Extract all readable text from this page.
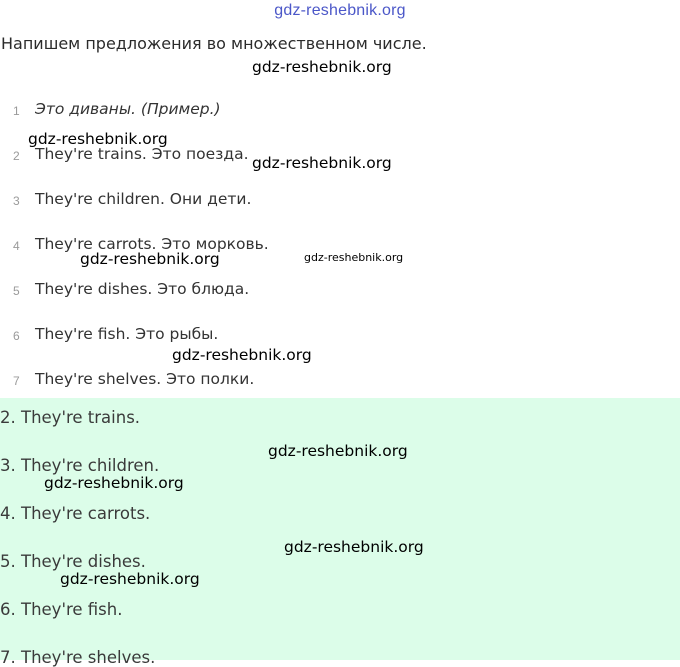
gdz-reshebnik.org
Напишем предложения во множественном числе.
1 Это диваны. (Пример.)
2 They're trains. Это поезда.
3 They're children. Они дети.
4 They're carrots. Это морковь.
5 They're dishes. Это блюда.
6 They're fish. Это рыбы.
7 They're shelves. Это полки.
2. They're trains.
3. They're children.
4. They're carrots.
5. They're dishes.
6. They're fish.
7. They're shelves.
gdz-reshebnik.org
gdz-reshebnik.org
gdz-reshebnik.org
gdz-reshebnik.org	gdz-reshebnik.org
gdz-reshebnik.org
gdz-reshebnik.org
gdz-reshebnik.org
gdz-reshebnik.org
gdz-reshebnik.org
